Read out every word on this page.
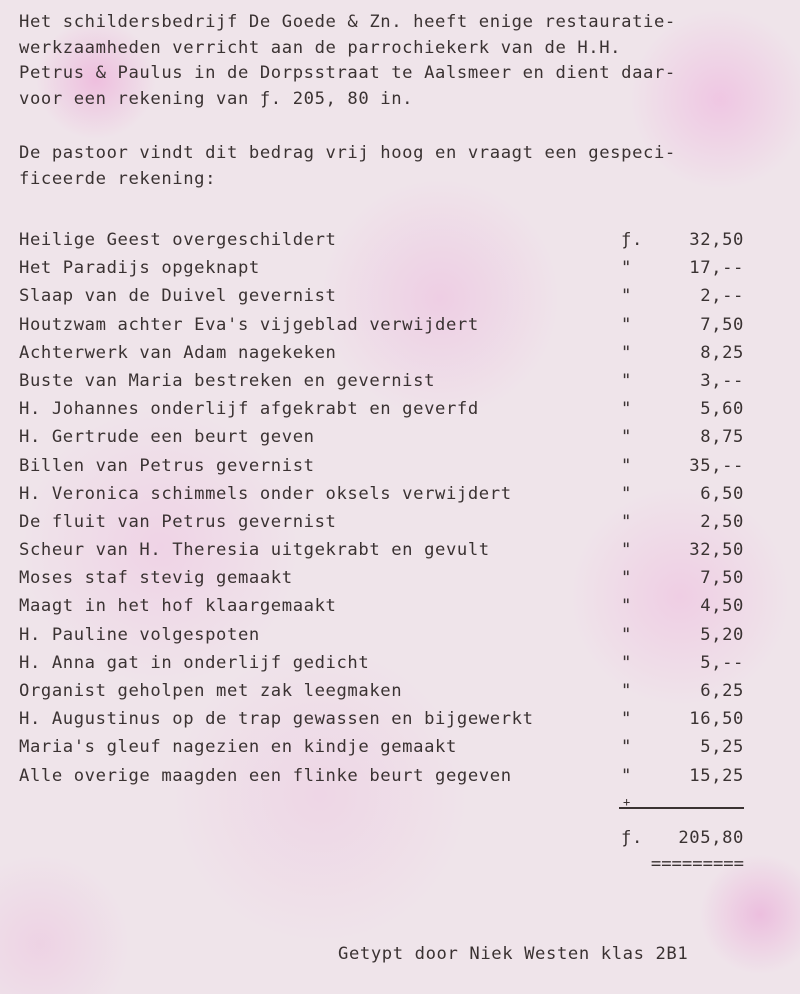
Het schildersbedrijf De Goede & Zn. heeft enige restauratie-
werkzaamheden verricht aan de parrochiekerk van de H.H.
Petrus & Paulus in de Dorpsstraat te Aalsmeer en dient daar-
voor een rekening van ƒ. 205, 80 in.

De pastoor vindt dit bedrag vrij hoog en vraagt een gespeci-
ficeerde rekening:

Heilige Geest overgeschildert	ƒ.	32,50
Het Paradijs opgeknapt	"	17,--
Slaap van de Duivel gevernist	"	2,--
Houtzwam achter Eva's vijgeblad verwijdert	"	7,50
Achterwerk van Adam nagekeken	"	8,25
Buste van Maria bestreken en gevernist	"	3,--
H. Johannes onderlijf afgekrabt en geverfd	"	5,60
H. Gertrude een beurt geven	"	8,75
Billen van Petrus gevernist	"	35,--
H. Veronica schimmels onder oksels verwijdert	"	6,50
De fluit van Petrus gevernist	"	2,50
Scheur van H. Theresia uitgekrabt en gevult	"	32,50
Moses staf stevig gemaakt	"	7,50
Maagt in het hof klaargemaakt	"	4,50
H. Pauline volgespoten	"	5,20
H. Anna gat in onderlijf gedicht	"	5,--
Organist geholpen met zak leegmaken	"	6,25
H. Augustinus op de trap gewassen en bijgewerkt	"	16,50
Maria's gleuf nagezien en kindje gemaakt	"	5,25
Alle overige maagden een flinke beurt gegeven	"	15,25
+
ƒ. 205,80
=========
Getypt door Niek Westen klas 2B1
